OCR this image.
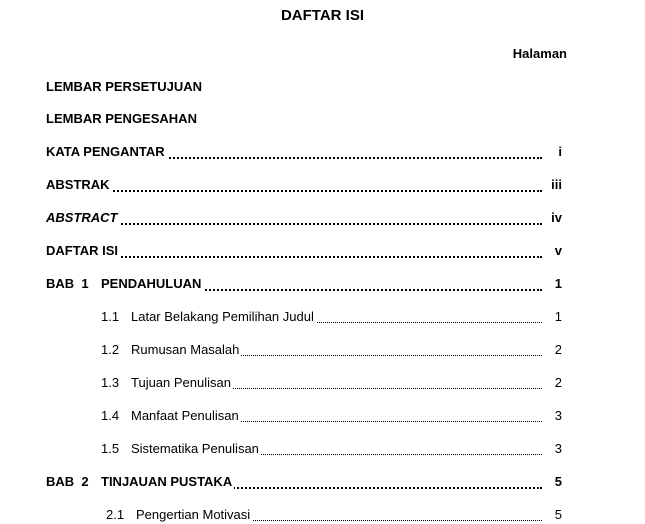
DAFTAR ISI
Halaman
LEMBAR PERSETUJUAN
LEMBAR PENGESAHAN
KATA PENGANTAR	i
ABSTRAK	iii
ABSTRACT	iv
DAFTAR ISI	v
BAB  1 PENDAHULUAN	1
1.1 Latar Belakang Pemilihan Judul	1
1.2 Rumusan Masalah	2
1.3 Tujuan Penulisan	2
1.4 Manfaat Penulisan	3
1.5 Sistematika Penulisan	3
BAB  2 TINJAUAN PUSTAKA	5
2.1 Pengertian Motivasi	5
